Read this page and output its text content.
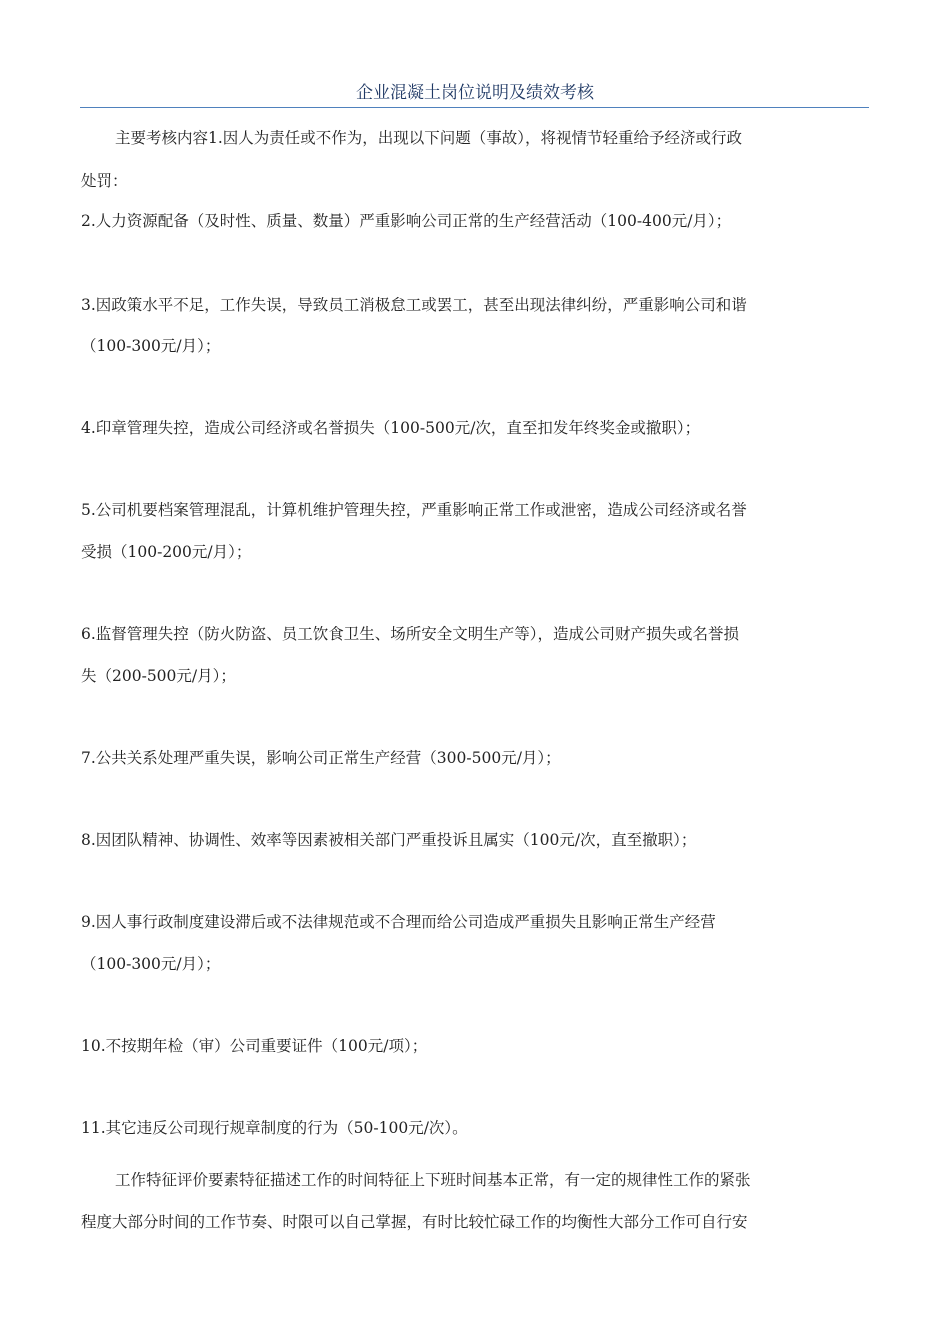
企业混凝土岗位说明及绩效考核
主要考核内容1.因人为责任或不作为，出现以下问题（事故），将视情节轻重给予经济或行政
处罚：
2.人力资源配备（及时性、质量、数量）严重影响公司正常的生产经营活动（100-400元/月）；
3.因政策水平不足，工作失误，导致员工消极怠工或罢工，甚至出现法律纠纷，严重影响公司和谐
（100-300元/月）；
4.印章管理失控，造成公司经济或名誉损失（100-500元/次，直至扣发年终奖金或撤职）；
5.公司机要档案管理混乱，计算机维护管理失控，严重影响正常工作或泄密，造成公司经济或名誉
受损（100-200元/月）；
6.监督管理失控（防火防盗、员工饮食卫生、场所安全文明生产等），造成公司财产损失或名誉损
失（200-500元/月）；
7.公共关系处理严重失误，影响公司正常生产经营（300-500元/月）；
8.因团队精神、协调性、效率等因素被相关部门严重投诉且属实（100元/次，直至撤职）；
9.因人事行政制度建设滞后或不法律规范或不合理而给公司造成严重损失且影响正常生产经营
（100-300元/月）；
10.不按期年检（审）公司重要证件（100元/项）；
11.其它违反公司现行规章制度的行为（50-100元/次）。
工作特征评价要素特征描述工作的时间特征上下班时间基本正常，有一定的规律性工作的紧张
程度大部分时间的工作节奏、时限可以自己掌握，有时比较忙碌工作的均衡性大部分工作可自行安
